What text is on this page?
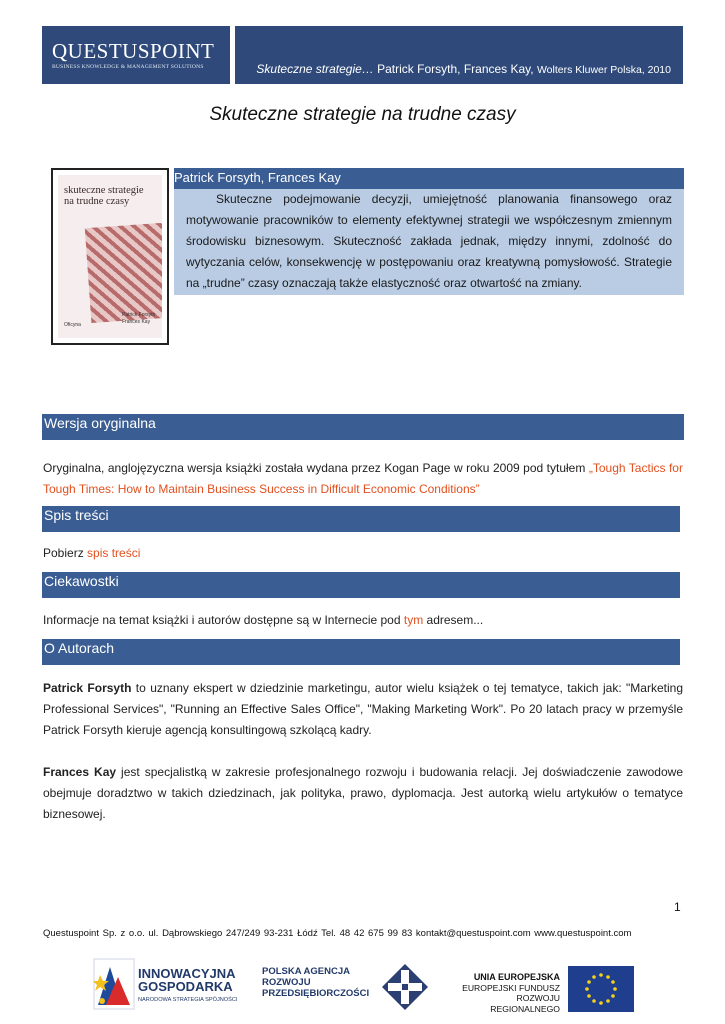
QUESTUSPOINT
BUSINESS KNOWLEDGE & MANAGEMENT SOLUTIONS	Skuteczne strategie… Patrick Forsyth, Frances Kay, Wolters Kluwer Polska, 2010
Skuteczne strategie na trudne czasy
skuteczne strategie na trudne czasy
Oficyna
Patrick Forsyth Frances Kay
Patrick Forsyth, Frances Kay
Skuteczne podejmowanie decyzji, umiejętność planowania finansowego oraz motywowanie pracowników to elementy efektywnej strategii we współczesnym zmiennym środowisku biznesowym. Skuteczność zakłada jednak, między innymi, zdolność do wytyczania celów, konsekwencję w postępowaniu oraz kreatywną pomysłowość. Strategie na „trudne” czasy oznaczają także elastyczność oraz otwartość na zmiany.
Wersja oryginalna
Oryginalna, anglojęzyczna wersja książki została wydana przez Kogan Page w roku 2009 pod tytułem „Tough Tactics for Tough Times: How to Maintain Business Success in Difficult Economic Conditions”
Spis treści
Pobierz spis treści
Ciekawostki
Informacje na temat książki i autorów dostępne są w Internecie pod tym adresem...
O Autorach
Patrick Forsyth to uznany ekspert w dziedzinie marketingu, autor wielu książek o tej tematyce, takich jak: "Marketing Professional Services", "Running an Effective Sales Office", "Making Marketing Work". Po 20 latach pracy w przemyśle Patrick Forsyth kieruje agencją konsultingową szkolącą kadry.
Frances Kay jest specjalistką w zakresie profesjonalnego rozwoju i budowania relacji. Jej doświadczenie zawodowe obejmuje doradztwo w takich dziedzinach, jak polityka, prawo, dyplomacja. Jest autorką wielu artykułów o tematyce biznesowej.
1
Questuspoint Sp. z o.o. ul. Dąbrowskiego 247/249 93-231 Łódź Tel. 48 42 675 99 83 kontakt@questuspoint.com www.questuspoint.com
INNOWACYJNA
GOSPODARKA
NARODOWA STRATEGIA SPÓJNOŚCI
POLSKA AGENCJA
ROZWOJU
PRZEDSIĘBIORCZOŚCI
UNIA EUROPEJSKA
EUROPEJSKI FUNDUSZ
ROZWOJU REGIONALNEGO
